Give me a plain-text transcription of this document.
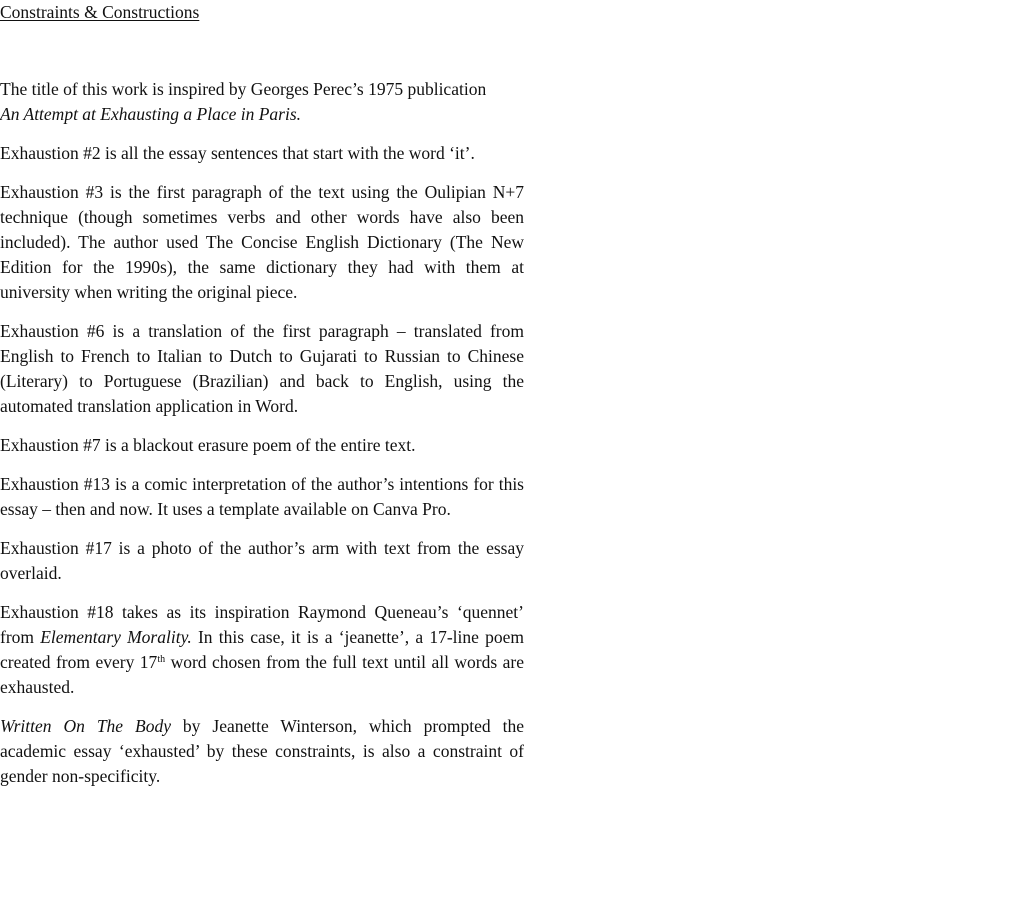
Constraints & Constructions

The title of this work is inspired by Georges Perec’s 1975 publication
An Attempt at Exhausting a Place in Paris.

Exhaustion #2 is all the essay sentences that start with the word ‘it’.

Exhaustion #3 is the first paragraph of the text using the Oulipian N+7 technique (though sometimes verbs and other words have also been included). The author used The Concise English Dictionary (The New Edition for the 1990s), the same dictionary they had with them at university when writing the original piece.

Exhaustion #6 is a translation of the first paragraph – translated from English to French to Italian to Dutch to Gujarati to Russian to Chinese (Literary) to Portuguese (Brazilian) and back to English, using the automated translation application in Word.

Exhaustion #7 is a blackout erasure poem of the entire text.

Exhaustion #13 is a comic interpretation of the author’s intentions for this essay – then and now. It uses a template available on Canva Pro.

Exhaustion #17 is a photo of the author’s arm with text from the essay overlaid.

Exhaustion #18 takes as its inspiration Raymond Queneau’s ‘quennet’ from Elementary Morality. In this case, it is a ‘jeanette’, a 17-line poem created from every 17th word chosen from the full text until all words are exhausted.

Written On The Body by Jeanette Winterson, which prompted the academic essay ‘exhausted’ by these constraints, is also a constraint of gender non-specificity.
